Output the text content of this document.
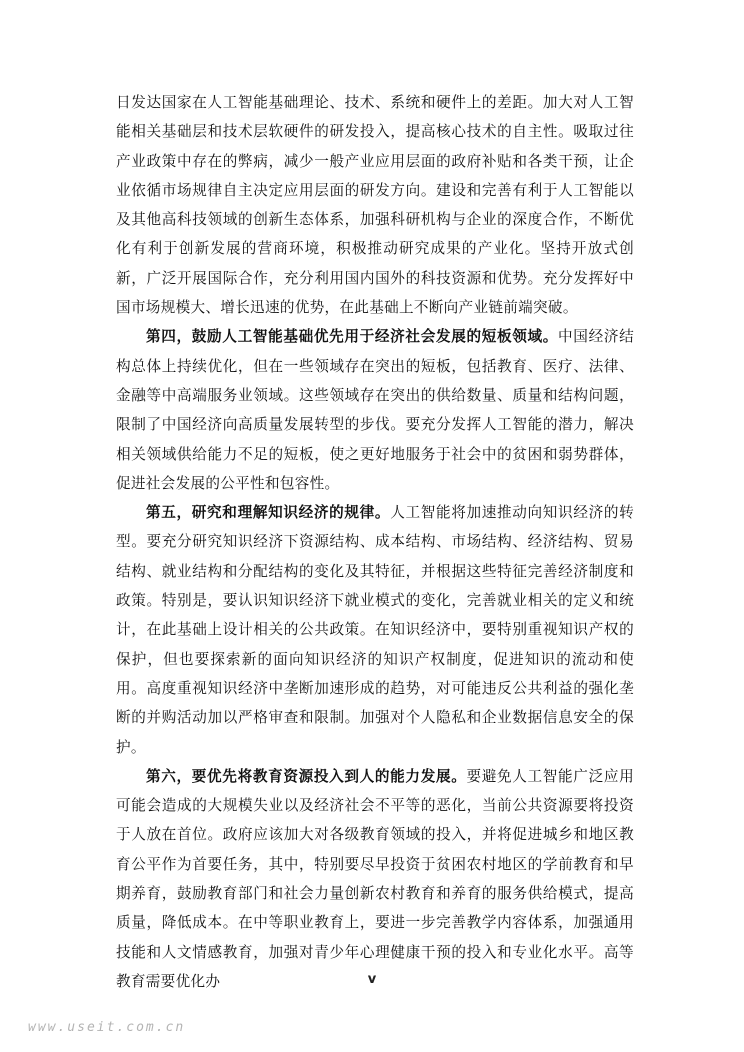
日发达国家在人工智能基础理论、技术、系统和硬件上的差距。加大对人工智能相关基础层和技术层软硬件的研发投入，提高核心技术的自主性。吸取过往产业政策中存在的弊病，减少一般产业应用层面的政府补贴和各类干预，让企业依循市场规律自主决定应用层面的研发方向。建设和完善有利于人工智能以及其他高科技领域的创新生态体系，加强科研机构与企业的深度合作，不断优化有利于创新发展的营商环境，积极推动研究成果的产业化。坚持开放式创新，广泛开展国际合作，充分利用国内国外的科技资源和优势。充分发挥好中国市场规模大、增长迅速的优势，在此基础上不断向产业链前端突破。

第四，鼓励人工智能基础优先用于经济社会发展的短板领域。中国经济结构总体上持续优化，但在一些领域存在突出的短板，包括教育、医疗、法律、金融等中高端服务业领域。这些领域存在突出的供给数量、质量和结构问题，限制了中国经济向高质量发展转型的步伐。要充分发挥人工智能的潜力，解决相关领域供给能力不足的短板，使之更好地服务于社会中的贫困和弱势群体，促进社会发展的公平性和包容性。

第五，研究和理解知识经济的规律。人工智能将加速推动向知识经济的转型。要充分研究知识经济下资源结构、成本结构、市场结构、经济结构、贸易结构、就业结构和分配结构的变化及其特征，并根据这些特征完善经济制度和政策。特别是，要认识知识经济下就业模式的变化，完善就业相关的定义和统计，在此基础上设计相关的公共政策。在知识经济中，要特别重视知识产权的保护，但也要探索新的面向知识经济的知识产权制度，促进知识的流动和使用。高度重视知识经济中垄断加速形成的趋势，对可能违反公共利益的强化垄断的并购活动加以严格审查和限制。加强对个人隐私和企业数据信息安全的保护。

第六，要优先将教育资源投入到人的能力发展。要避免人工智能广泛应用可能会造成的大规模失业以及经济社会不平等的恶化，当前公共资源要将投资于人放在首位。政府应该加大对各级教育领域的投入，并将促进城乡和地区教育公平作为首要任务，其中，特别要尽早投资于贫困农村地区的学前教育和早期养育，鼓励教育部门和社会力量创新农村教育和养育的服务供给模式，提高质量，降低成本。在中等职业教育上，要进一步完善教学内容体系，加强通用技能和人文情感教育，加强对青少年心理健康干预的投入和专业化水平。高等教育需要优化办	v
www.useit.com.cn
